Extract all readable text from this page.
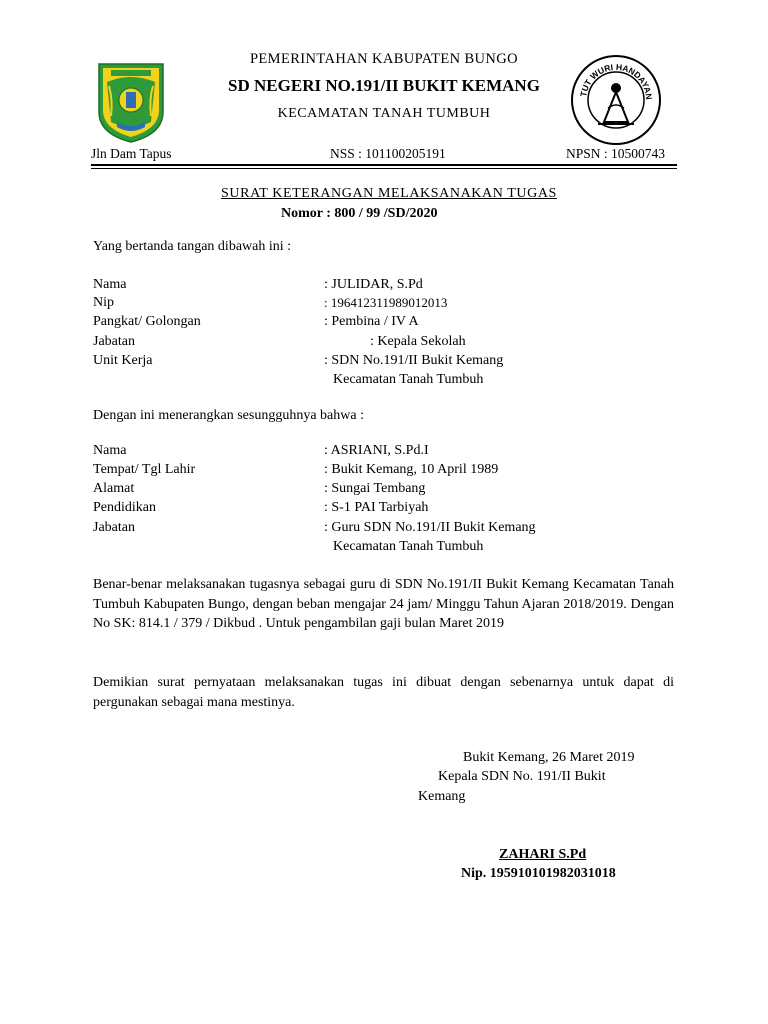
PEMERINTAHAN KABUPATEN BUNGO
SD NEGERI NO.191/II BUKIT KEMANG
KECAMATAN TANAH TUMBUH
TUT WURI HANDAYAN
Jln Dam Tapus	NSS : 101100205191	NPSN : 10500743
SURAT KETERANGAN MELAKSANAKAN TUGAS
Nomor : 800 / 99 /SD/2020
Yang bertanda tangan dibawah ini :
Nama	: JULIDAR, S.Pd
Nip	: 196412311989012013
Pangkat/ Golongan	: Pembina / IV A
Jabatan	: Kepala Sekolah
Unit Kerja	: SDN No.191/II Bukit Kemang
Kecamatan Tanah Tumbuh
Dengan ini menerangkan sesungguhnya bahwa :
Nama	: ASRIANI, S.Pd.I
Tempat/ Tgl Lahir	: Bukit Kemang, 10 April 1989
Alamat	: Sungai Tembang
Pendidikan	: S-1 PAI Tarbiyah
Jabatan	: Guru SDN No.191/II Bukit Kemang
Kecamatan Tanah Tumbuh
Benar-benar melaksanakan tugasnya sebagai guru di SDN No.191/II Bukit Kemang Kecamatan Tanah Tumbuh Kabupaten Bungo, dengan beban mengajar 24 jam/ Minggu Tahun Ajaran 2018/2019. Dengan No SK: 814.1 / 379 / Dikbud . Untuk pengambilan gaji bulan Maret 2019
Demikian surat pernyataan melaksanakan tugas ini dibuat dengan sebenarnya untuk dapat di pergunakan sebagai mana mestinya.
Bukit Kemang, 26 Maret 2019
Kepala SDN No. 191/II Bukit
Kemang
ZAHARI S.Pd
Nip. 195910101982031018
